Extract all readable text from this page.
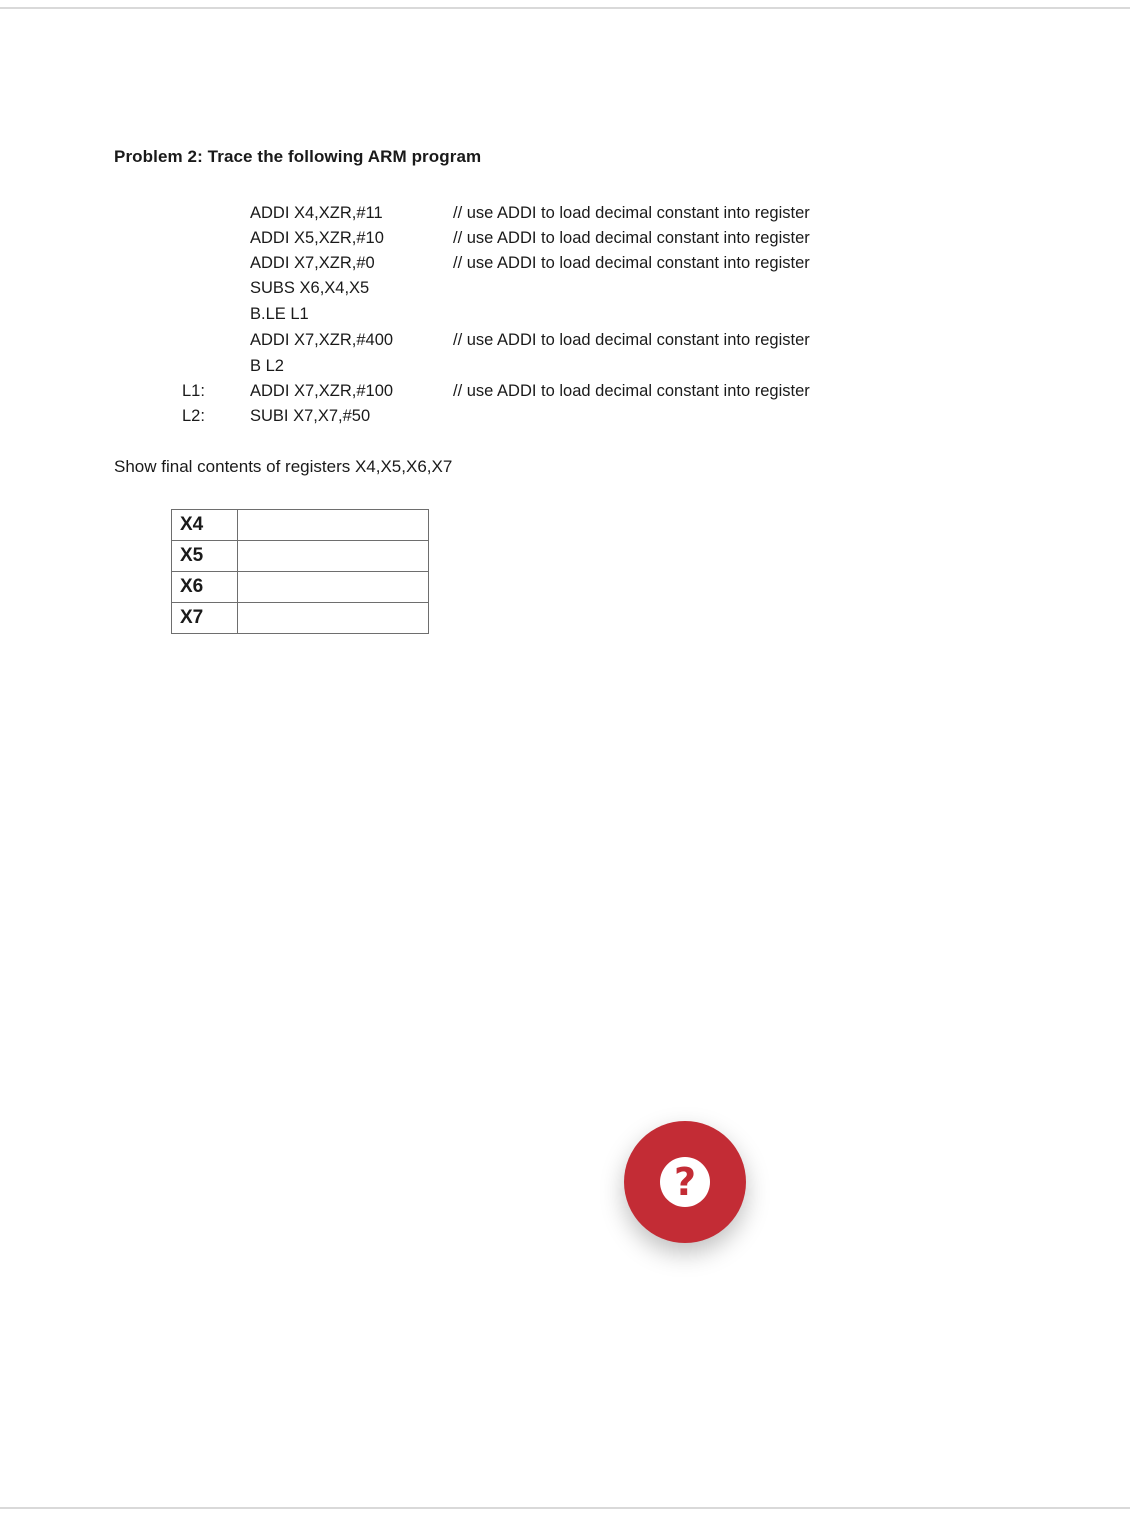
Problem 2: Trace the following ARM program
ADDI X4,XZR,#11	// use ADDI to load decimal constant into register
ADDI X5,XZR,#10	// use ADDI to load decimal constant into register
ADDI X7,XZR,#0	// use ADDI to load decimal constant into register
SUBS X6,X4,X5
B.LE L1
ADDI X7,XZR,#400	// use ADDI to load decimal constant into register
B L2
L1:	ADDI X7,XZR,#100	// use ADDI to load decimal constant into register
L2:	SUBI X7,X7,#50
Show final contents of registers X4,X5,X6,X7
X4	
X5	
X6	
X7	
?
